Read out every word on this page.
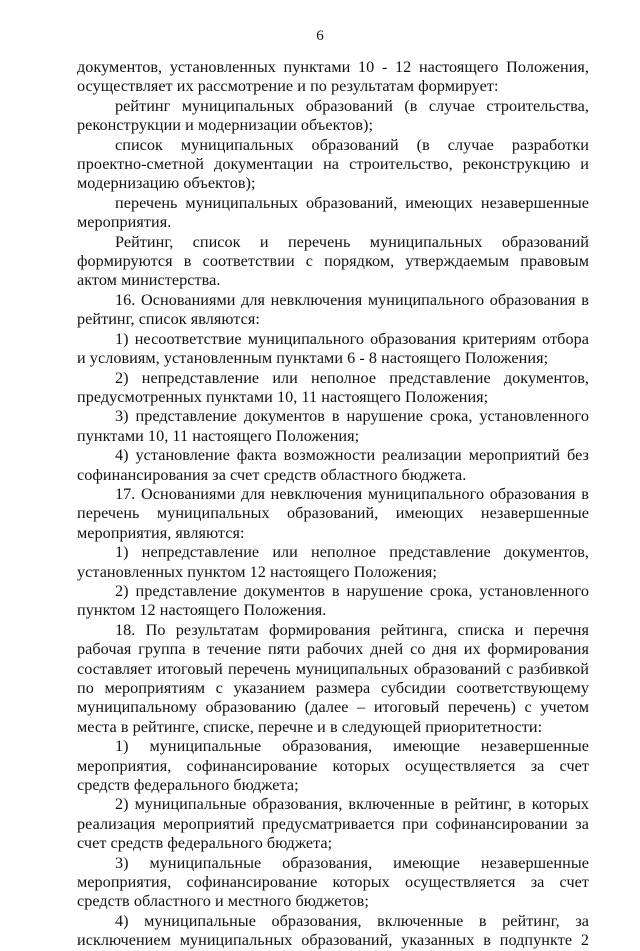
6

документов, установленных пунктами 10 - 12 настоящего Положения, осуществляет их рассмотрение и по результатам формирует:

рейтинг муниципальных образований (в случае строительства, реконструкции и модернизации объектов);

список муниципальных образований (в случае разработки проектно-сметной документации на строительство, реконструкцию и модернизацию объектов);

перечень муниципальных образований, имеющих незавершенные мероприятия.

Рейтинг, список и перечень муниципальных образований формируются в соответствии с порядком, утверждаемым правовым актом министерства.

16. Основаниями для невключения муниципального образования в рейтинг, список являются:

1) несоответствие муниципального образования критериям отбора и условиям, установленным пунктами 6 - 8 настоящего Положения;

2) непредставление или неполное представление документов, предусмотренных пунктами 10, 11 настоящего Положения;

3) представление документов в нарушение срока, установленного пунктами 10, 11 настоящего Положения;

4) установление факта возможности реализации мероприятий без софинансирования за счет средств областного бюджета.

17. Основаниями для невключения муниципального образования в перечень муниципальных образований, имеющих незавершенные мероприятия, являются:

1) непредставление или неполное представление документов, установленных пунктом 12 настоящего Положения;

2) представление документов в нарушение срока, установленного пунктом 12 настоящего Положения.

18. По результатам формирования рейтинга, списка и перечня рабочая группа в течение пяти рабочих дней со дня их формирования составляет итоговый перечень муниципальных образований с разбивкой по мероприятиям с указанием размера субсидии соответствующему муниципальному образованию (далее – итоговый перечень) с учетом места в рейтинге, списке, перечне и в следующей приоритетности:

1) муниципальные образования, имеющие незавершенные мероприятия, софинансирование которых осуществляется за счет средств федерального бюджета;

2) муниципальные образования, включенные в рейтинг, в которых реализация мероприятий предусматривается при софинансировании за счет средств федерального бюджета;

3) муниципальные образования, имеющие незавершенные мероприятия, софинансирование которых осуществляется за счет средств областного и местного бюджетов;

4) муниципальные образования, включенные в рейтинг, за исключением муниципальных образований, указанных в подпункте 2
